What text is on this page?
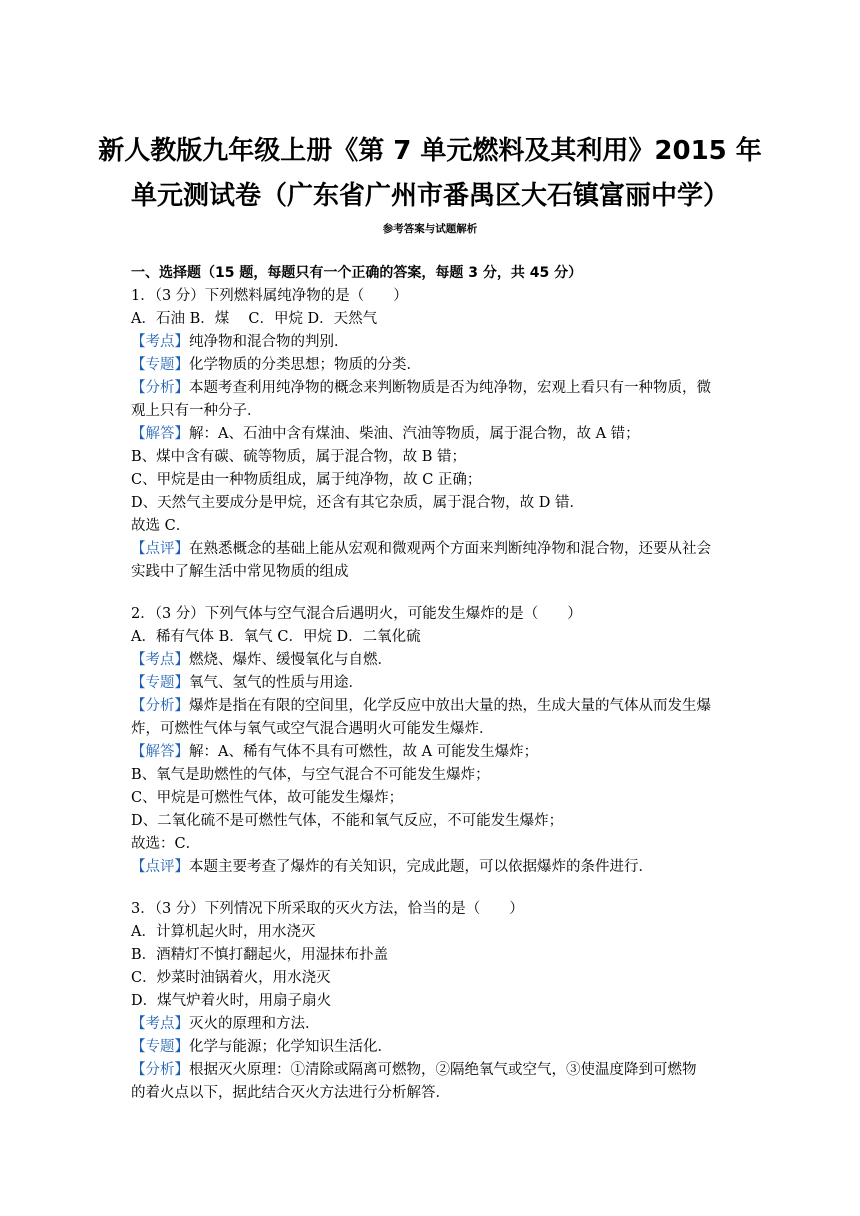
新人教版九年级上册《第 7 单元燃料及其利用》2015 年
单元测试卷（广东省广州市番禺区大石镇富丽中学）
参考答案与试题解析
一、选择题（15 题，每题只有一个正确的答案，每题 3 分，共 45 分）
1．（3 分）下列燃料属纯净物的是（　　）
A．石油 B．煤　 C．甲烷 D．天然气
【考点】纯净物和混合物的判别．
【专题】化学物质的分类思想；物质的分类．
【分析】本题考查利用纯净物的概念来判断物质是否为纯净物，宏观上看只有一种物质，微
观上只有一种分子．
【解答】解：A、石油中含有煤油、柴油、汽油等物质，属于混合物，故 A 错；
B、煤中含有碳、硫等物质，属于混合物，故 B 错；
C、甲烷是由一种物质组成，属于纯净物，故 C 正确；
D、天然气主要成分是甲烷，还含有其它杂质，属于混合物，故 D 错．
故选 C．
【点评】在熟悉概念的基础上能从宏观和微观两个方面来判断纯净物和混合物，还要从社会
实践中了解生活中常见物质的组成
2．（3 分）下列气体与空气混合后遇明火，可能发生爆炸的是（　　）
A．稀有气体 B．氧气 C．甲烷 D．二氧化硫
【考点】燃烧、爆炸、缓慢氧化与自燃．
【专题】氧气、氢气的性质与用途．
【分析】爆炸是指在有限的空间里，化学反应中放出大量的热，生成大量的气体从而发生爆
炸，可燃性气体与氧气或空气混合遇明火可能发生爆炸．
【解答】解：A、稀有气体不具有可燃性，故 A 可能发生爆炸；
B、氧气是助燃性的气体，与空气混合不可能发生爆炸；
C、甲烷是可燃性气体，故可能发生爆炸；
D、二氧化硫不是可燃性气体，不能和氧气反应，不可能发生爆炸；
故选：C．
【点评】本题主要考查了爆炸的有关知识，完成此题，可以依据爆炸的条件进行．
3．（3 分）下列情况下所采取的灭火方法，恰当的是（　　）
A．计算机起火时，用水浇灭
B．酒精灯不慎打翻起火，用湿抹布扑盖
C．炒菜时油锅着火，用水浇灭
D．煤气炉着火时，用扇子扇火
【考点】灭火的原理和方法．
【专题】化学与能源；化学知识生活化．
【分析】根据灭火原理：①清除或隔离可燃物，②隔绝氧气或空气，③使温度降到可燃物
的着火点以下，据此结合灭火方法进行分析解答．
